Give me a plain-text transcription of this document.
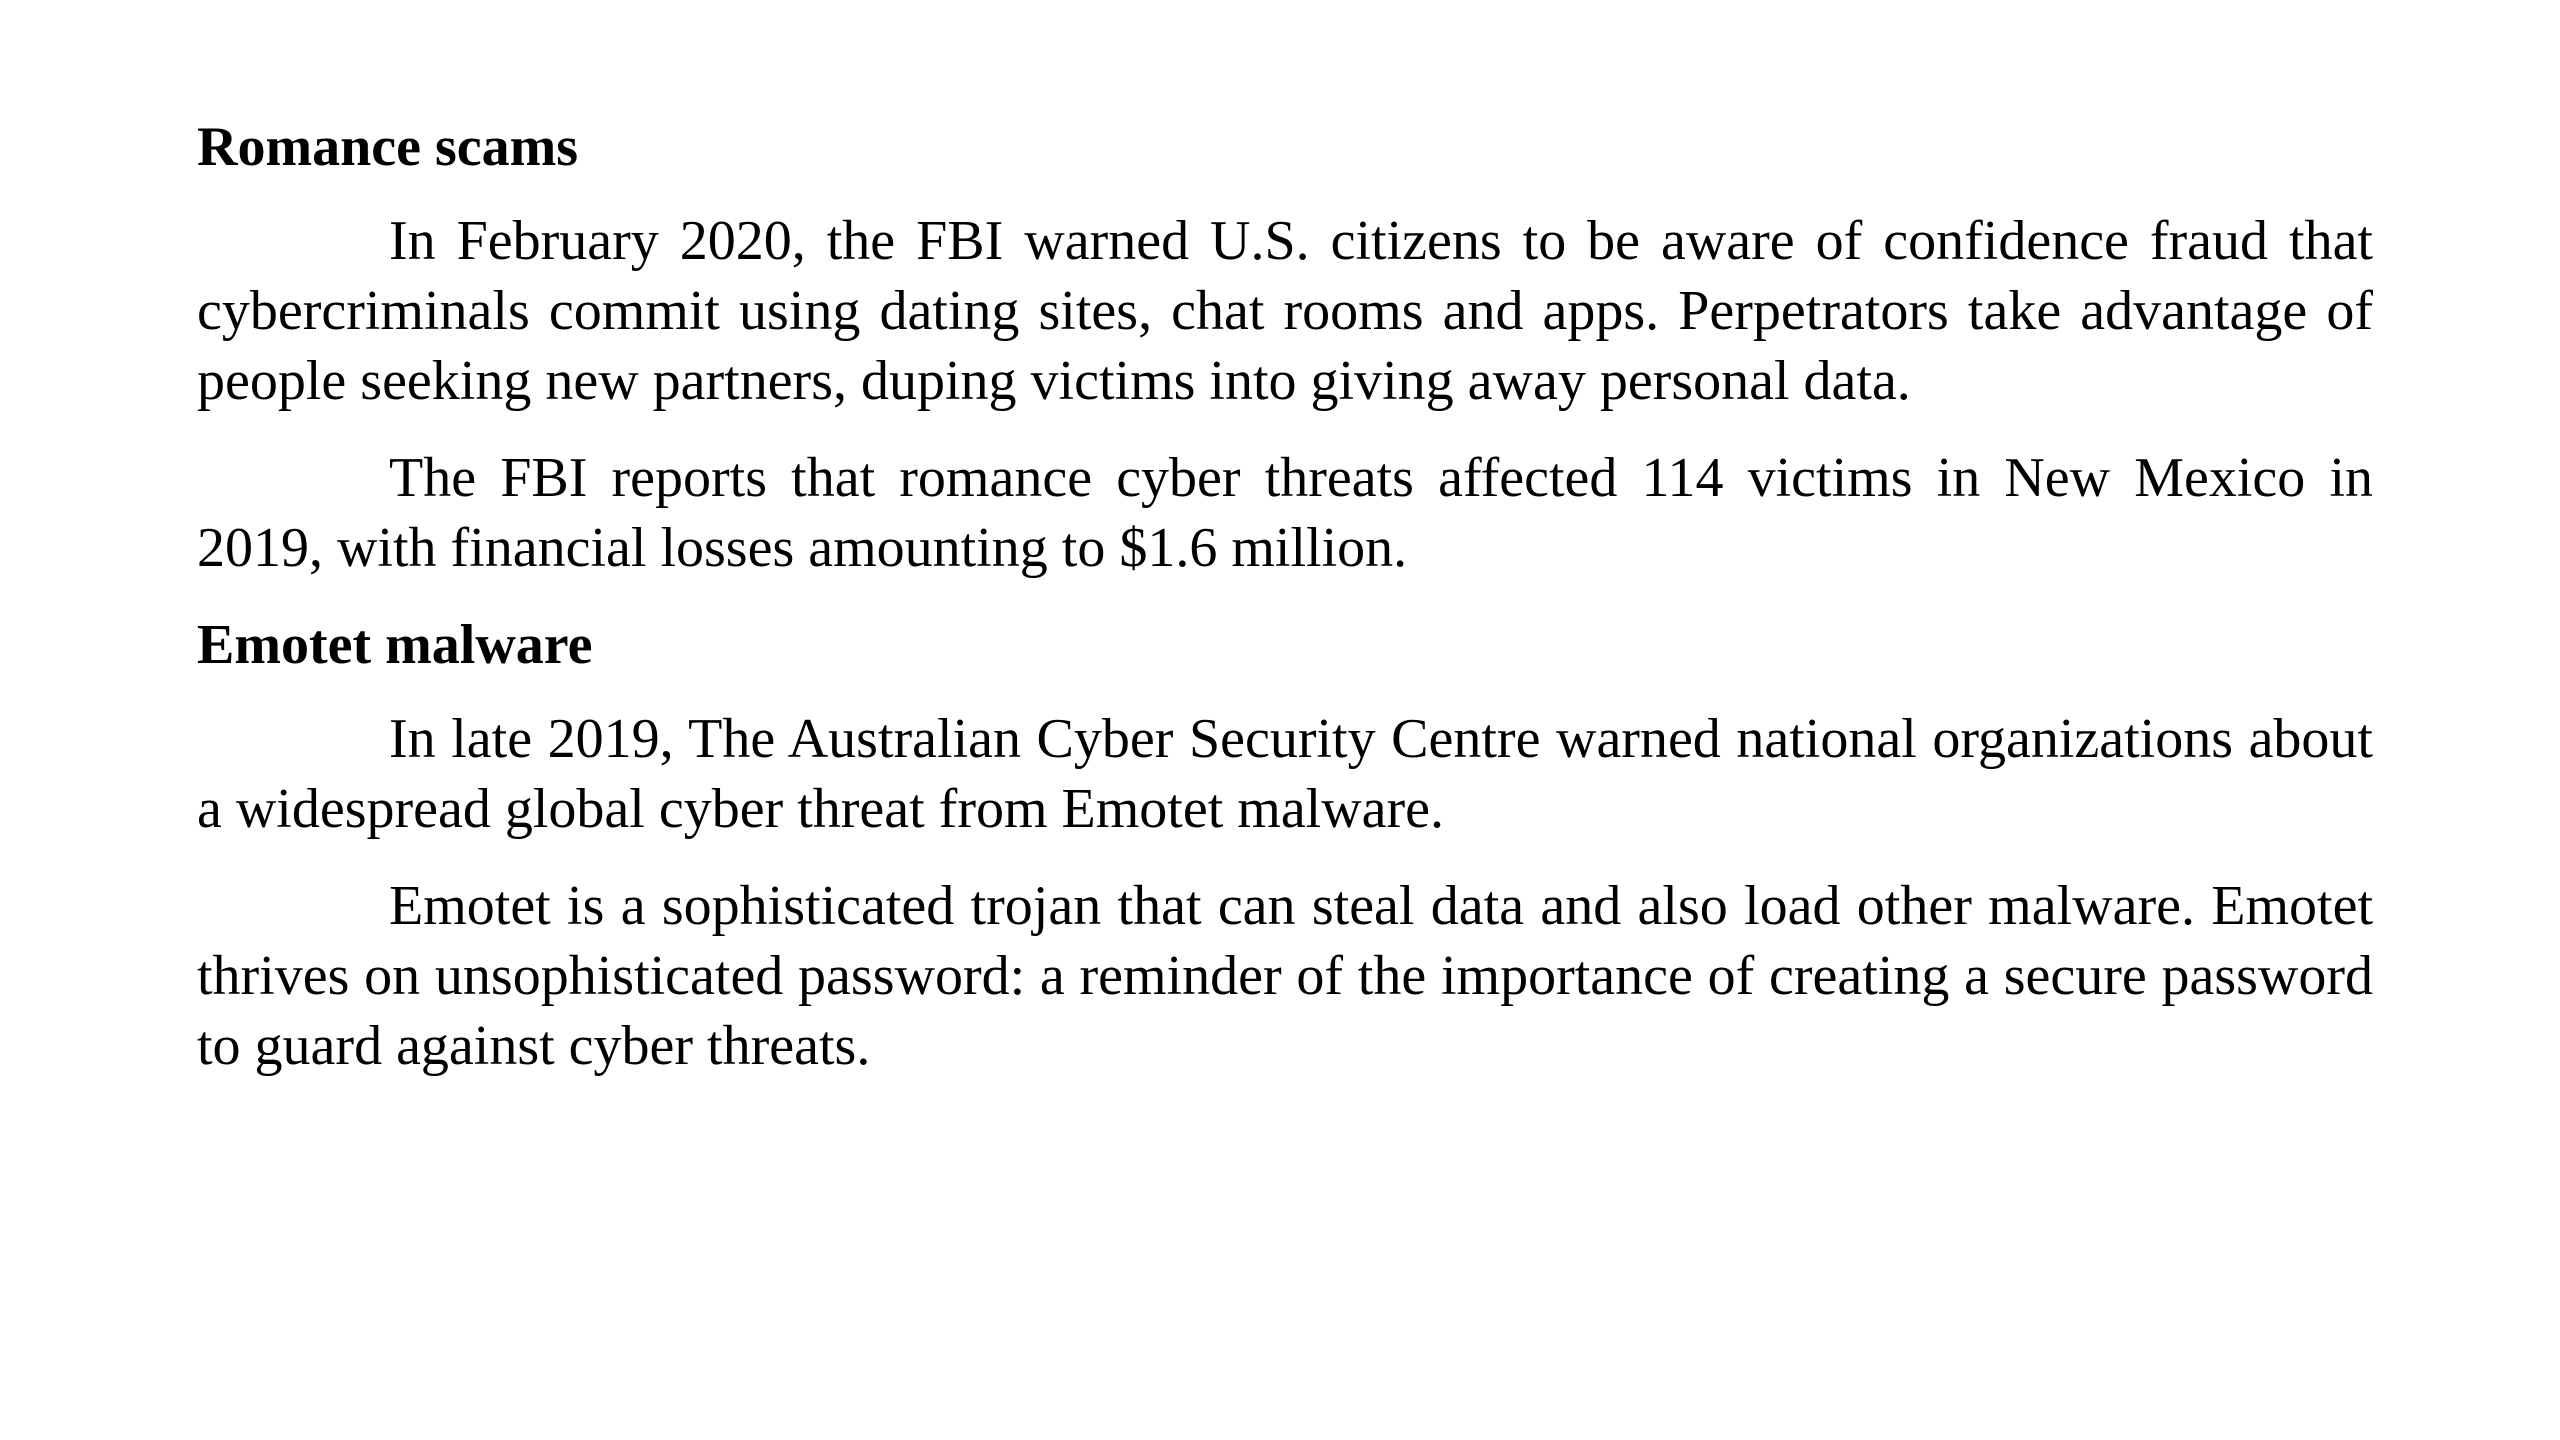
Romance scams

In February 2020, the FBI warned U.S. citizens to be aware of confidence fraud that cybercriminals commit using dating sites, chat rooms and apps. Perpetrators take advantage of people seeking new partners, duping victims into giving away personal data.

The FBI reports that romance cyber threats affected 114 victims in New Mexico in 2019, with financial losses amounting to $1.6 million.

Emotet malware

In late 2019, The Australian Cyber Security Centre warned national organizations about a widespread global cyber threat from Emotet malware.

Emotet is a sophisticated trojan that can steal data and also load other malware. Emotet thrives on unsophisticated password: a reminder of the importance of creating a secure password to guard against cyber threats.
